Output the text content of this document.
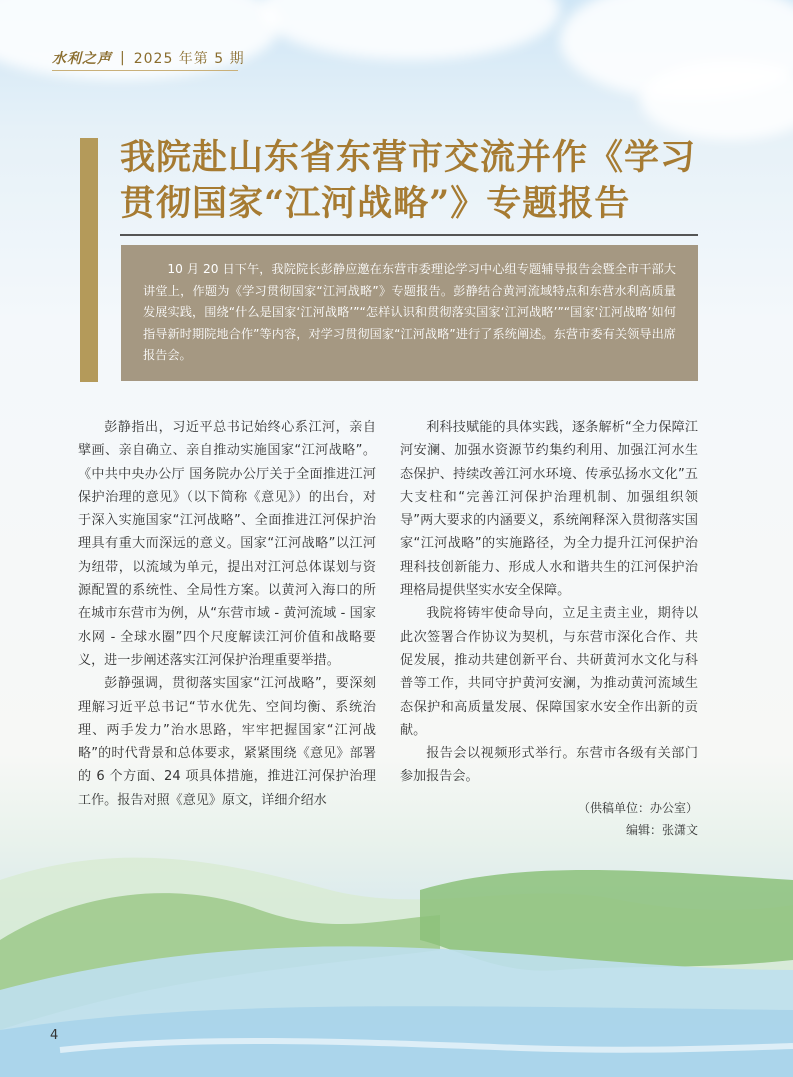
水利之声 | 2025 年第 5 期
我院赴山东省东营市交流并作《学习贯彻国家“江河战略”》专题报告
10 月 20 日下午，我院院长彭静应邀在东营市委理论学习中心组专题辅导报告会暨全市干部大讲堂上，作题为《学习贯彻国家“江河战略”》专题报告。彭静结合黄河流域特点和东营水利高质量发展实践，围绕“什么是国家‘江河战略’”“怎样认识和贯彻落实国家‘江河战略’”“国家‘江河战略’如何指导新时期院地合作”等内容，对学习贯彻国家“江河战略”进行了系统阐述。东营市委有关领导出席报告会。

彭静指出，习近平总书记始终心系江河，亲自擘画、亲自确立、亲自推动实施国家“江河战略”。《中共中央办公厅 国务院办公厅关于全面推进江河保护治理的意见》（以下简称《意见》）的出台，对于深入实施国家“江河战略”、全面推进江河保护治理具有重大而深远的意义。国家“江河战略”以江河为纽带，以流域为单元，提出对江河总体谋划与资源配置的系统性、全局性方案。以黄河入海口的所在城市东营市为例，从“东营市域 - 黄河流域 - 国家水网 - 全球水圈”四个尺度解读江河价值和战略要义，进一步阐述落实江河保护治理重要举措。

彭静强调，贯彻落实国家“江河战略”，要深刻理解习近平总书记“节水优先、空间均衡、系统治理、两手发力”治水思路，牢牢把握国家“江河战略”的时代背景和总体要求，紧紧围绕《意见》部署的 6 个方面、24 项具体措施，推进江河保护治理工作。报告对照《意见》原文，详细介绍水

利科技赋能的具体实践，逐条解析“全力保障江河安澜、加强水资源节约集约利用、加强江河水生态保护、持续改善江河水环境、传承弘扬水文化”五大支柱和“完善江河保护治理机制、加强组织领导”两大要求的内涵要义，系统阐释深入贯彻落实国家“江河战略”的实施路径，为全力提升江河保护治理科技创新能力、形成人水和谐共生的江河保护治理格局提供坚实水安全保障。

我院将铸牢使命导向，立足主责主业，期待以此次签署合作协议为契机，与东营市深化合作、共促发展，推动共建创新平台、共研黄河水文化与科普等工作，共同守护黄河安澜，为推动黄河流域生态保护和高质量发展、保障国家水安全作出新的贡献。

报告会以视频形式举行。东营市各级有关部门参加报告会。

（供稿单位：办公室）
编辑：张潇文
4
